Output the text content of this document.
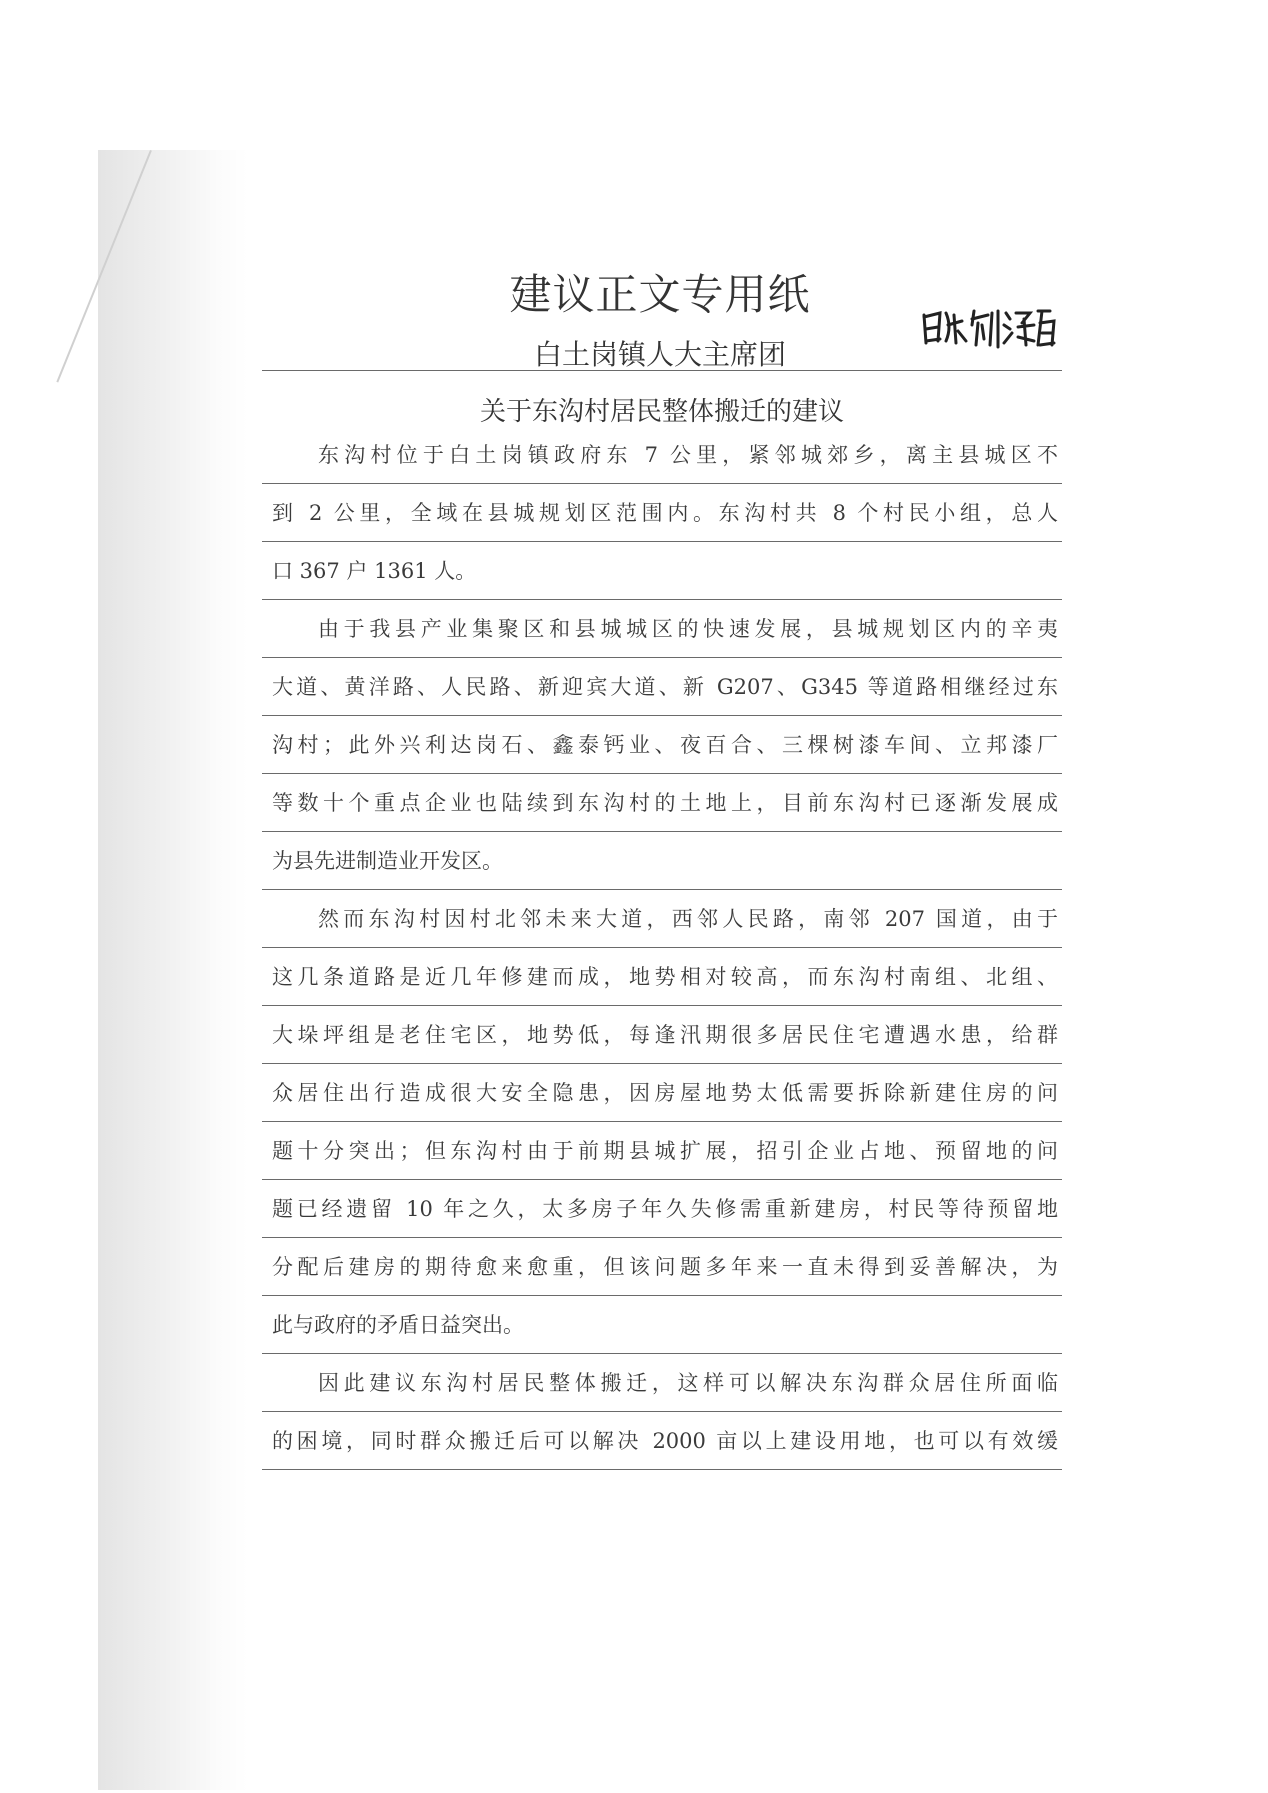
建议正文专用纸
白土岗镇人大主席团
关于东沟村居民整体搬迁的建议
东沟村位于白土岗镇政府东 7 公里，紧邻城郊乡，离主县城区不
到 2 公里，全域在县城规划区范围内。东沟村共 8 个村民小组，总人
口 367 户 1361 人。
由于我县产业集聚区和县城城区的快速发展，县城规划区内的辛夷
大道、黄洋路、人民路、新迎宾大道、新 G207、G345 等道路相继经过东
沟村；此外兴利达岗石、鑫泰钙业、夜百合、三棵树漆车间、立邦漆厂
等数十个重点企业也陆续到东沟村的土地上，目前东沟村已逐渐发展成
为县先进制造业开发区。
然而东沟村因村北邻未来大道，西邻人民路，南邻 207 国道，由于
这几条道路是近几年修建而成，地势相对较高，而东沟村南组、北组、
大垛坪组是老住宅区，地势低，每逢汛期很多居民住宅遭遇水患，给群
众居住出行造成很大安全隐患，因房屋地势太低需要拆除新建住房的问
题十分突出；但东沟村由于前期县城扩展，招引企业占地、预留地的问
题已经遗留 10 年之久，太多房子年久失修需重新建房，村民等待预留地
分配后建房的期待愈来愈重，但该问题多年来一直未得到妥善解决，为
此与政府的矛盾日益突出。
因此建议东沟村居民整体搬迁，这样可以解决东沟群众居住所面临
的困境，同时群众搬迁后可以解决 2000 亩以上建设用地，也可以有效缓
